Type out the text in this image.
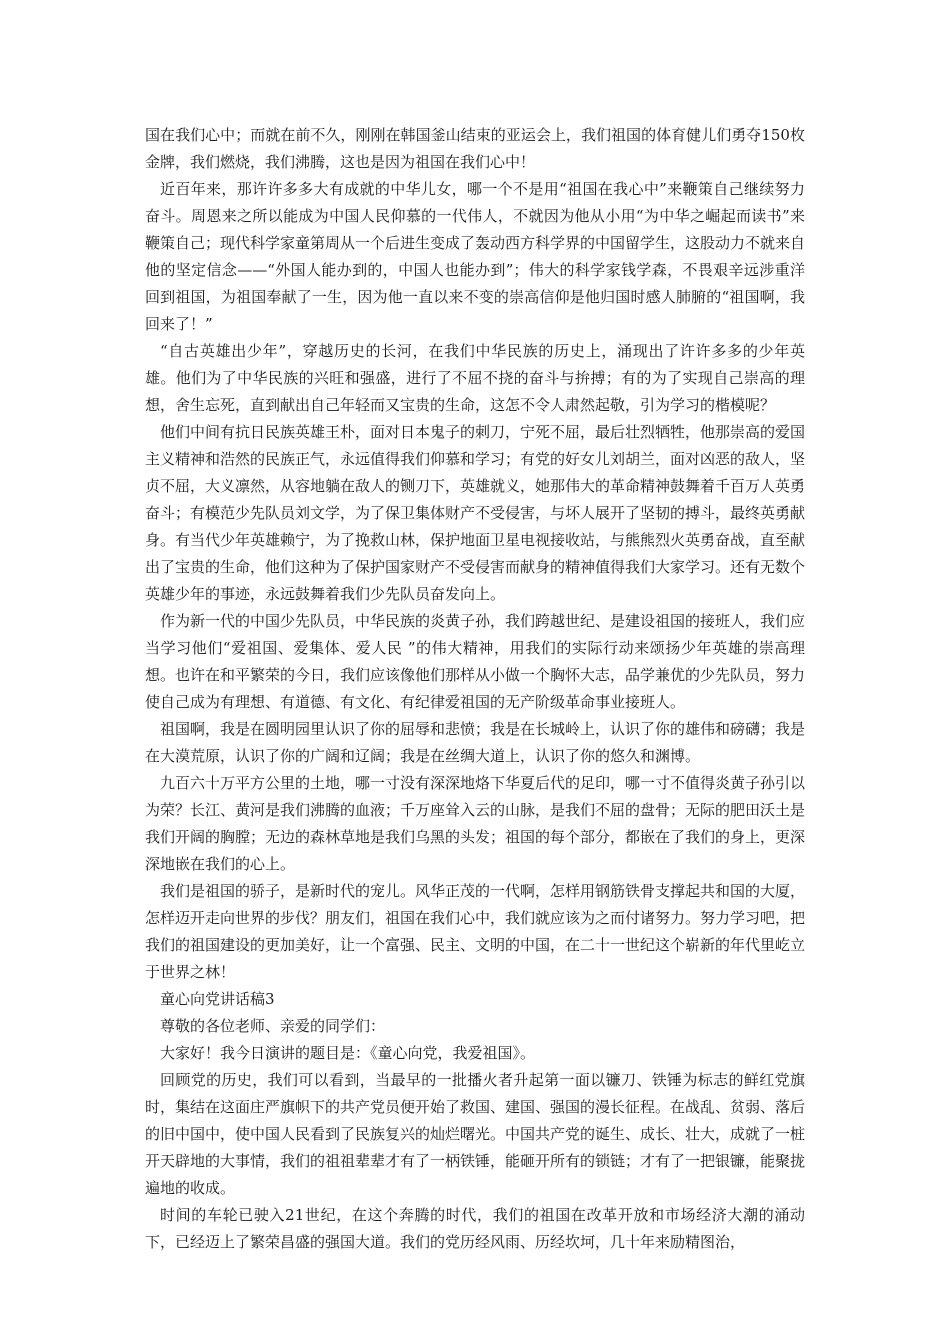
国在我们心中；而就在前不久，刚刚在韩国釜山结束的亚运会上，我们祖国的体育健儿们勇夺150枚金牌，我们燃烧，我们沸腾，这也是因为祖国在我们心中！

近百年来，那许许多多大有成就的中华儿女，哪一个不是用“祖国在我心中”来鞭策自己继续努力奋斗。周恩来之所以能成为中国人民仰慕的一代伟人，不就因为他从小用“为中华之崛起而读书”来鞭策自己；现代科学家童第周从一个后进生变成了轰动西方科学界的中国留学生，这股动力不就来自他的坚定信念——“外国人能办到的，中国人也能办到”；伟大的科学家钱学森，不畏艰辛远涉重洋回到祖国，为祖国奉献了一生，因为他一直以来不变的崇高信仰是他归国时感人肺腑的“祖国啊，我回来了！”

“自古英雄出少年”，穿越历史的长河，在我们中华民族的历史上，涌现出了许许多多的少年英雄。他们为了中华民族的兴旺和强盛，进行了不屈不挠的奋斗与拚搏；有的为了实现自己崇高的理想，舍生忘死，直到献出自己年轻而又宝贵的生命，这怎不令人肃然起敬，引为学习的楷模呢？

他们中间有抗日民族英雄王朴，面对日本鬼子的刺刀，宁死不屈，最后壮烈牺牲，他那崇高的爱国主义精神和浩然的民族正气，永远值得我们仰慕和学习；有党的好女儿刘胡兰，面对凶恶的敌人，坚贞不屈，大义凛然，从容地躺在敌人的铡刀下，英雄就义，她那伟大的革命精神鼓舞着千百万人英勇奋斗；有模范少先队员刘文学，为了保卫集体财产不受侵害，与坏人展开了坚韧的搏斗，最终英勇献身。有当代少年英雄赖宁，为了挽救山林，保护地面卫星电视接收站，与熊熊烈火英勇奋战，直至献出了宝贵的生命，他们这种为了保护国家财产不受侵害而献身的精神值得我们大家学习。还有无数个英雄少年的事迹，永远鼓舞着我们少先队员奋发向上。

作为新一代的中国少先队员，中华民族的炎黄子孙，我们跨越世纪、是建设祖国的接班人，我们应当学习他们“爱祖国、爱集体、爱人民 ”的伟大精神，用我们的实际行动来颂扬少年英雄的崇高理想。也许在和平繁荣的今日，我们应该像他们那样从小做一个胸怀大志，品学兼优的少先队员，努力使自己成为有理想、有道德、有文化、有纪律爱祖国的无产阶级革命事业接班人。

祖国啊，我是在圆明园里认识了你的屈辱和悲愤；我是在长城岭上，认识了你的雄伟和磅礴；我是在大漠荒原，认识了你的广阔和辽阔；我是在丝绸大道上，认识了你的悠久和渊博。

九百六十万平方公里的土地，哪一寸没有深深地烙下华夏后代的足印，哪一寸不值得炎黄子孙引以为荣？长江、黄河是我们沸腾的血液；千万座耸入云的山脉，是我们不屈的盘骨；无际的肥田沃土是我们开阔的胸膛；无边的森林草地是我们乌黑的头发；祖国的每个部分，都嵌在了我们的身上，更深深地嵌在我们的心上。

我们是祖国的骄子，是新时代的宠儿。风华正茂的一代啊，怎样用钢筋铁骨支撑起共和国的大厦，怎样迈开走向世界的步伐？朋友们，祖国在我们心中，我们就应该为之而付诸努力。努力学习吧，把我们的祖国建设的更加美好，让一个富强、民主、文明的中国，在二十一世纪这个崭新的年代里屹立于世界之林！

童心向党讲话稿3

尊敬的各位老师、亲爱的同学们：

大家好！我今日演讲的题目是：《童心向党，我爱祖国》。

回顾党的历史，我们可以看到，当最早的一批播火者升起第一面以镰刀、铁锤为标志的鲜红党旗时，集结在这面庄严旗帜下的共产党员便开始了救国、建国、强国的漫长征程。在战乱、贫弱、落后的旧中国中，使中国人民看到了民族复兴的灿烂曙光。中国共产党的诞生、成长、壮大，成就了一桩开天辟地的大事情，我们的祖祖辈辈才有了一柄铁锤，能砸开所有的锁链；才有了一把银镰，能聚拢遍地的收成。

时间的车轮已驶入21世纪，在这个奔腾的时代，我们的祖国在改革开放和市场经济大潮的涌动下，已经迈上了繁荣昌盛的强国大道。我们的党历经风雨、历经坎坷，几十年来励精图治，
